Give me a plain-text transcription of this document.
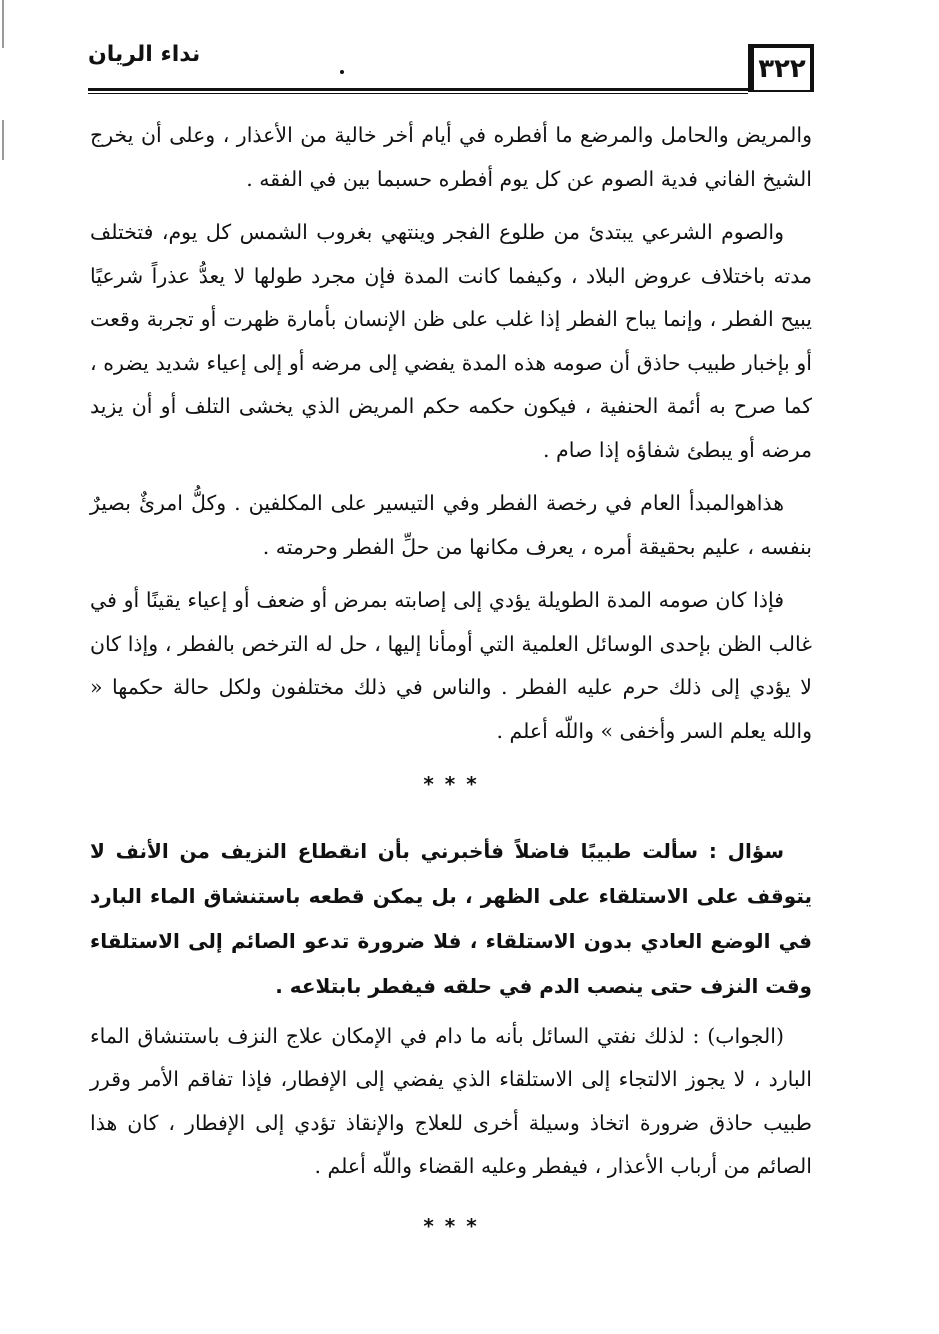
٣٢٢
نداء الريان

والمريض والحامل والمرضع ما أفطره في أيام أخر خالية من الأعذار ، وعلى أن يخرج الشيخ الفاني فدية الصوم عن كل يوم أفطره حسبما بين في الفقه .

والصوم الشرعي يبتدئ من طلوع الفجر وينتهي بغروب الشمس كل يوم، فتختلف مدته باختلاف عروض البلاد ، وكيفما كانت المدة فإن مجرد طولها لا يعدُّ عذراً شرعيًا يبيح الفطر ، وإنما يباح الفطر إذا غلب على ظن الإنسان بأمارة ظهرت أو تجربة وقعت أو بإخبار طبيب حاذق أن صومه هذه المدة يفضي إلى مرضه أو إلى إعياء شديد يضره ، كما صرح به أئمة الحنفية ، فيكون حكمه حكم المريض الذي يخشى التلف أو أن يزيد مرضه أو يبطئ شفاؤه إذا صام .

هذاهوالمبدأ العام في رخصة الفطر وفي التيسير على المكلفين . وكلُّ امرئٌ بصيرٌ بنفسه ، عليم بحقيقة أمره ، يعرف مكانها من حلِّ الفطر وحرمته .

فإذا كان صومه المدة الطويلة يؤدي إلى إصابته بمرض أو ضعف أو إعياء يقينًا أو في غالب الظن بإحدى الوسائل العلمية التي أومأنا إليها ، حل له الترخص بالفطر ، وإذا كان لا يؤدي إلى ذلك حرم عليه الفطر . والناس في ذلك مختلفون ولكل حالة حكمها « والله يعلم السر وأخفى » واللّه أعلم .

* * *

سؤال : سألت طبيبًا فاضلاً فأخبرني بأن انقطاع النزيف من الأنف لا يتوقف على الاستلقاء على الظهر ، بل يمكن قطعه باستنشاق الماء البارد في الوضع العادي بدون الاستلقاء ، فلا ضرورة تدعو الصائم إلى الاستلقاء وقت النزف حتى ينصب الدم في حلقه فيفطر بابتلاعه .

(الجواب) : لذلك نفتي السائل بأنه ما دام في الإمكان علاج النزف باستنشاق الماء البارد ، لا يجوز الالتجاء إلى الاستلقاء الذي يفضي إلى الإفطار، فإذا تفاقم الأمر وقرر طبيب حاذق ضرورة اتخاذ وسيلة أخرى للعلاج والإنقاذ تؤدي إلى الإفطار ، كان هذا الصائم من أرباب الأعذار ، فيفطر وعليه القضاء واللّه أعلم .

* * *
